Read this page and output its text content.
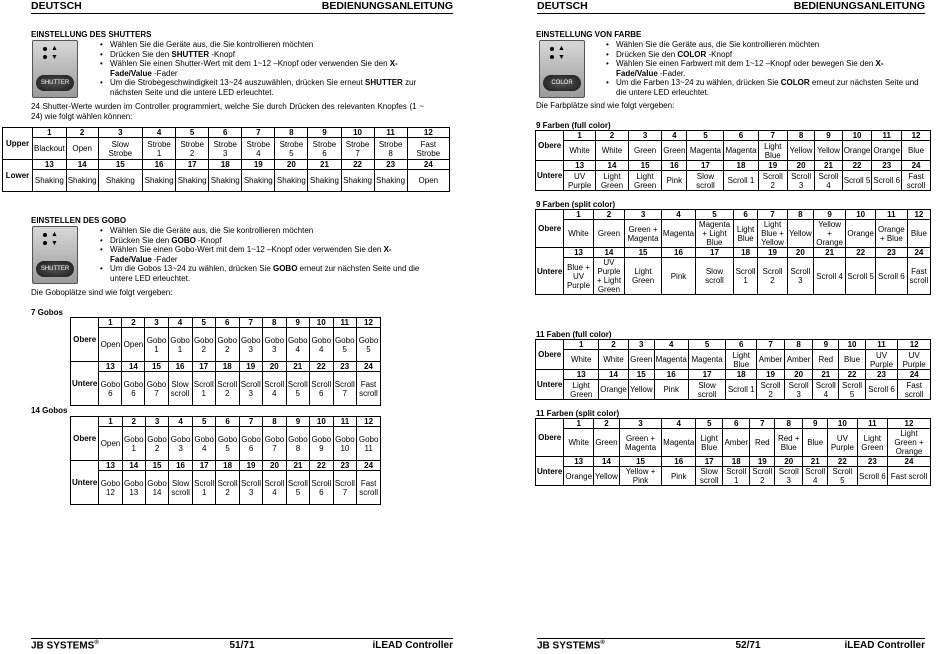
DEUTSCH	BEDIENUNGSANLEITUNG
EINSTELLUNG DES SHUTTERS
▲
▼
SHUTTER
• Wählen Sie die Geräte aus, die Sie kontrollieren möchten
• Drücken Sie den SHUTTER -Knopf
• Wählen Sie einen Shutter-Wert mit dem 1~12 –Knopf oder verwenden Sie den X-Fade/Value -Fader
• Um die Strobegeschwindigkeit 13~24 auszuwählen, drücken Sie erneut SHUTTER zur nächsten Seite und die untere LED erleuchtet.
24 Shutter-Werte wurden im Controller programmiert, welche Sie durch Drücken des relevanten Knopfes (1 ~ 24) wie folgt wählen können:
Upper	1	2	3	4	5	6	7	8	9	10	11	12
	Blackout	Open	Slow Strobe	Strobe 1	Strobe 2	Strobe 3	Strobe 4	Strobe 5	Strobe 6	Strobe 7	Strobe 8	Fast Strobe
Lower	13	14	15	16	17	18	19	20	21	22	23	24
	Shaking	Shaking	Shaking	Shaking	Shaking	Shaking	Shaking	Shaking	Shaking	Shaking	Shaking	Open
EINSTELLEN DES GOBO
▲
▼
SHUTTER
• Wählen Sie die Geräte aus, die Sie kontrollieren möchten
• Drücken Sie den GOBO -Knopf
• Wählen Sie einen Gobo-Wert mit dem 1~12 –Knopf oder verwenden Sie den X-Fade/Value -Fader
• Um die Gobos 13~24 zu wählen, drücken Sie GOBO erneut zur nächsten Seite und die untere LED erleuchtet.
Die Goboplätze sind wie folgt vergeben:
7 Gobos
Obere	1	2	3	4	5	6	7	8	9	10	11	12
	Open	Open	Gobo 1	Gobo 1	Gobo 2	Gobo 2	Gobo 3	Gobo 3	Gobo 4	Gobo 4	Gobo 5	Gobo 5
Untere	13	14	15	16	17	18	19	20	21	22	23	24
	Gobo 6	Gobo 6	Gobo 7	Slow scroll	Scroll 1	Scroll 2	Scroll 3	Scroll 4	Scroll 5	Scroll 6	Scroll 7	Fast scroll
14 Gobos
Obere	1	2	3	4	5	6	7	8	9	10	11	12
	Open	Gobo 1	Gobo 2	Gobo 3	Gobo 4	Gobo 5	Gobo 6	Gobo 7	Gobo 8	Gobo 9	Gobo 10	Gobo 11
Untere	13	14	15	16	17	18	19	20	21	22	23	24
	Gobo 12	Gobo 13	Gobo 14	Slow scroll	Scroll 1	Scroll 2	Scroll 3	Scroll 4	Scroll 5	Scroll 6	Scroll 7	Fast scroll
JB SYSTEMS®	51/71	iLEAD Controller
DEUTSCH	BEDIENUNGSANLEITUNG
EINSTELLUNG VON FARBE
▲
▼
COLOR
• Wählen Sie die Geräte aus, die Sie kontrollieren möchten
• Drücken Sie den COLOR -Knopf
• Wählen Sie einen Farbwert mit dem 1~12 –Knopf oder bewegen Sie den X-Fade/Value -Fader.
• Um die Farben 13~24 zu wählen, drücken Sie COLOR erneut zur nächsten Seite und die untere LED erleuchtet.
Die Farbplätze sind wie folgt vergeben:
9 Farben (full color)
Obere	1	2	3	4	5	6	7	8	9	10	11	12
	White	White	Green	Green	Magenta	Magenta	Light Blue	Yellow	Yellow	Orange	Orange	Blue
Untere	13	14	15	16	17	18	19	20	21	22	23	24
	UV Purple	Light Green	Light Green	Pink	Slow scroll	Scroll 1	Scroll 2	Scroll 3	Scroll 4	Scroll 5	Scroll 6	Fast scroll
9 Farben (split color)
Obere	1	2	3	4	5	6	7	8	9	10	11	12
	White	Green	Green + Magenta	Magenta	Magenta + Light Blue	Light Blue	Light Blue + Yellow	Yellow	Yellow + Orange	Orange	Orange + Blue	Blue
Untere	13	14	15	16	17	18	19	20	21	22	23	24
	Blue + UV Purple	UV Purple + Light Green	Light Green	Pink	Slow scroll	Scroll 1	Scroll 2	Scroll 3	Scroll 4	Scroll 5	Scroll 6	Fast scroll
11 Faben (full color)
Obere	1	2	3	4	5	6	7	8	9	10	11	12
	White	White	Green	Magenta	Magenta	Light Blue	Amber	Amber	Red	Blue	UV Purple	UV Purple
Untere	13	14	15	16	17	18	19	20	21	22	23	24
	Light Green	Orange	Yellow	Pink	Slow scroll	Scroll 1	Scroll 2	Scroll 3	Scroll 4	Scroll 5	Scroll 6	Fast scroll
11 Farben (split color)
Obere	1	2	3	4	5	6	7	8	9	10	11	12
	White	Green	Green + Magenta	Magenta	Light Blue	Amber	Red	Red + Blue	Blue	UV Purple	Light Green	Light Green + Orange
Untere	13	14	15	16	17	18	19	20	21	22	23	24
	Orange	Yellow	Yellow + Pink	Pink	Slow scroll	Scroll 1	Scroll 2	Scroll 3	Scroll 4	Scroll 5	Scroll 6	Fast scroll
JB SYSTEMS®	52/71	iLEAD Controller
